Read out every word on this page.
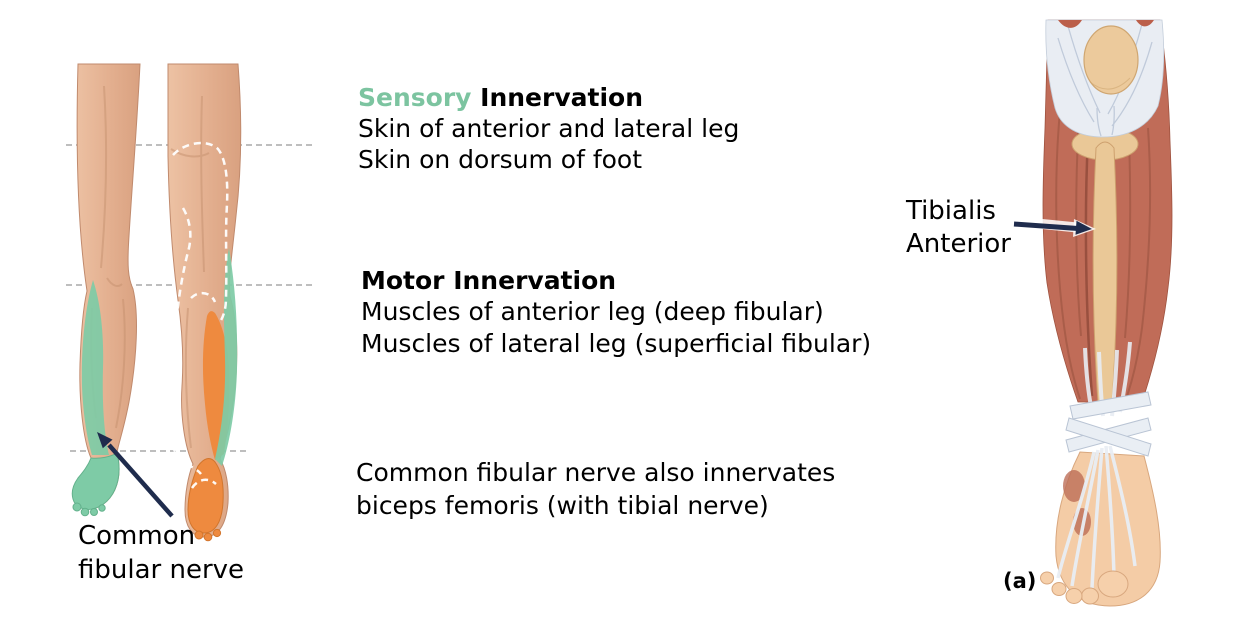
Sensory Innervation
Skin of anterior and lateral leg
Skin on dorsum of foot
Motor Innervation
Muscles of anterior leg (deep fibular)
Muscles of lateral leg (superficial fibular)
Common fibular nerve also innervates
biceps femoris (with tibial nerve)
Common
fibular nerve
Tibialis
Anterior
(a)
